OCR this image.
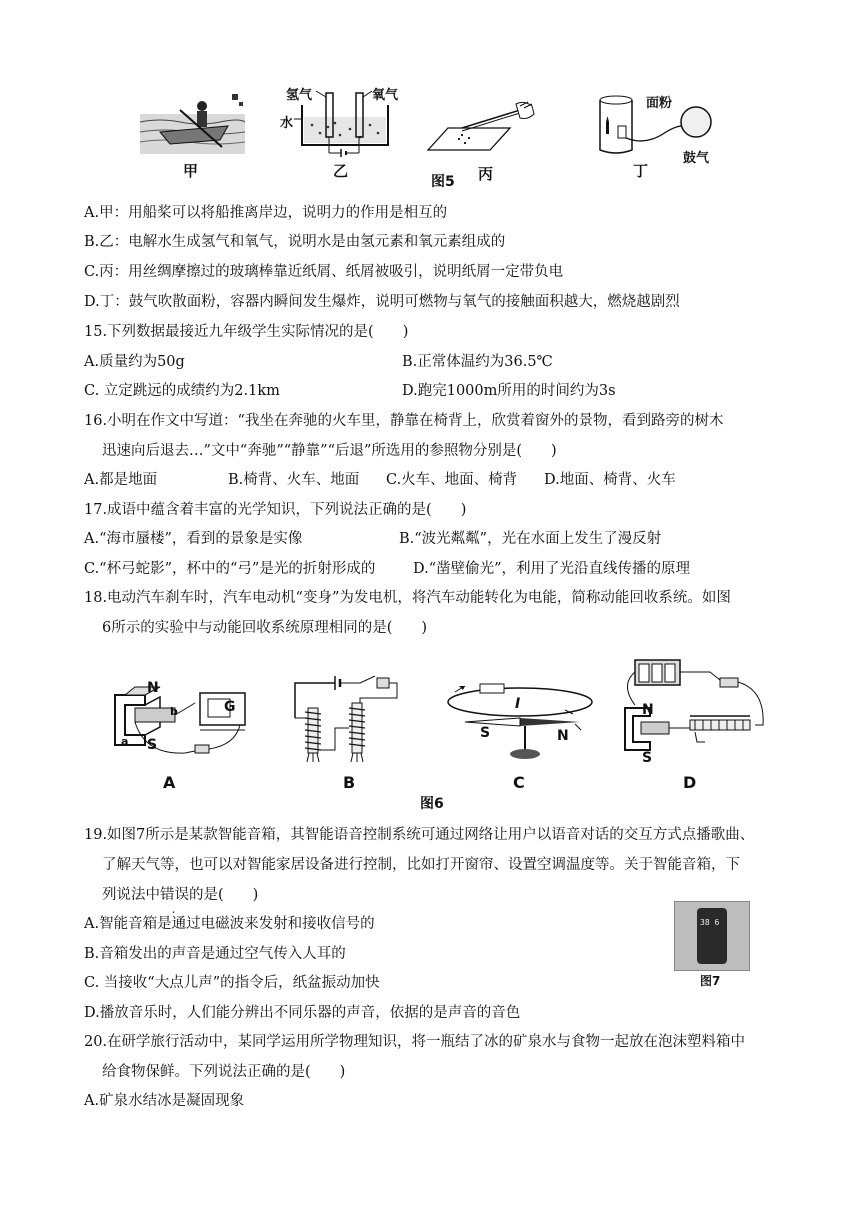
甲
氢气	氧气
水
乙	丙
图5
面粉
鼓气
丁
A.甲：用船桨可以将船推离岸边，说明力的作用是相互的
B.乙：电解水生成氢气和氧气，说明水是由氢元素和氧元素组成的
C.丙：用丝绸摩擦过的玻璃棒靠近纸屑、纸屑被吸引，说明纸屑一定带负电
D.丁：鼓气吹散面粉，容器内瞬间发生爆炸，说明可燃物与氧气的接触面积越大，燃烧越剧烈
15.下列数据最接近九年级学生实际情况的是(　　)
A.质量约为50g	B.正常体温约为36.5℃
C. 立定跳远的成绩约为2.1km	D.跑完1000m所用的时间约为3s
16.小明在作文中写道：“我坐在奔驰的火车里，静靠在椅背上，欣赏着窗外的景物，看到路旁的树木
迅速向后退去…”文中“奔驰”“静靠”“后退”所选用的参照物分别是(　　)
A.都是地面	B.椅背、火车、地面 C.火车、地面、椅背 D.地面、椅背、火车
17.成语中蕴含着丰富的光学知识，下列说法正确的是(　　)
A.“海市蜃楼”，看到的景象是实像	B.“波光粼粼”，光在水面上发生了漫反射
C.“杯弓蛇影”，杯中的“弓”是光的折射形成的	D.“凿壁偷光”，利用了光沿直线传播的原理
18.电动汽车刹车时，汽车电动机“变身”为发电机，将汽车动能转化为电能，简称动能回收系统。如图
6所示的实验中与动能回收系统原理相同的是(　　)
N
S
G
a
b
A	B
I
S	N
C
N
S
D
图6
19.如图7所示是某款智能音箱，其智能语音控制系统可通过网络让用户以语音对话的交互方式点播歌曲、
了解天气等，也可以对智能家居设备进行控制，比如打开窗帘、设置空调温度等。关于智能音箱，下
列说法中错误的是(　　)
A.智能音箱是通过电磁波来发射和接收信号的
B.音箱发出的声音是通过空气传入人耳的
C. 当接收“大点儿声”的指令后，纸盆振动加快
D.播放音乐时，人们能分辨出不同乐器的声音，依据的是声音的音色
38 6
图7
20.在研学旅行活动中，某同学运用所学物理知识，将一瓶结了冰的矿泉水与食物一起放在泡沫塑料箱中
给食物保鲜。下列说法正确的是(　　)
A.矿泉水结冰是凝固现象
